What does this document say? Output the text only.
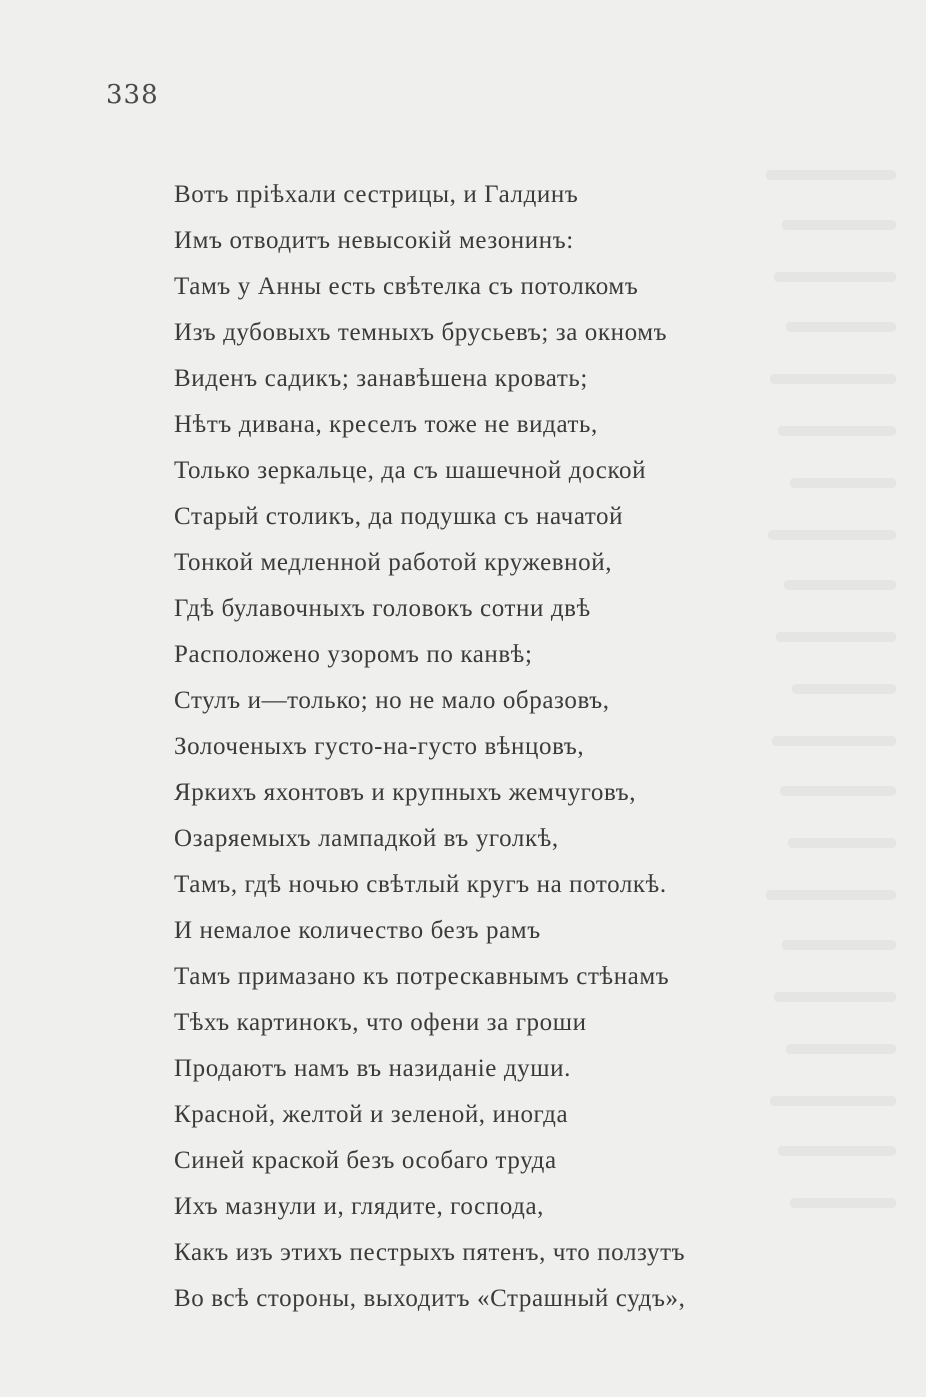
338
Вотъ пріѣхали сестрицы, и Галдинъ
Имъ отводитъ невысокій мезонинъ:
Тамъ у Анны есть свѣтелка съ потолкомъ
Изъ дубовыхъ темныхъ брусьевъ; за окномъ
Виденъ садикъ; занавѣшена кровать;
Нѣтъ дивана, креселъ тоже не видать,
Только зеркальце, да съ шашечной доской
Старый столикъ, да подушка съ начатой
Тонкой медленной работой кружевной,
Гдѣ булавочныхъ головокъ сотни двѣ
Расположено узоромъ по канвѣ;
Стулъ и—только; но не мало образовъ,
Золоченыхъ густо-на-густо вѣнцовъ,
Яркихъ яхонтовъ и крупныхъ жемчуговъ,
Озаряемыхъ лампадкой въ уголкѣ,
Тамъ, гдѣ ночью свѣтлый кругъ на потолкѣ.
И немалое количество безъ рамъ
Тамъ примазано къ потрескавнымъ стѣнамъ
Тѣхъ картинокъ, что офени за гроши
Продаютъ намъ въ назиданіе души.
Красной, желтой и зеленой, иногда
Синей краской безъ особаго труда
Ихъ мазнули и, глядите, господа,
Какъ изъ этихъ пестрыхъ пятенъ, что ползутъ
Во всѣ стороны, выходитъ «Страшный судъ»,
